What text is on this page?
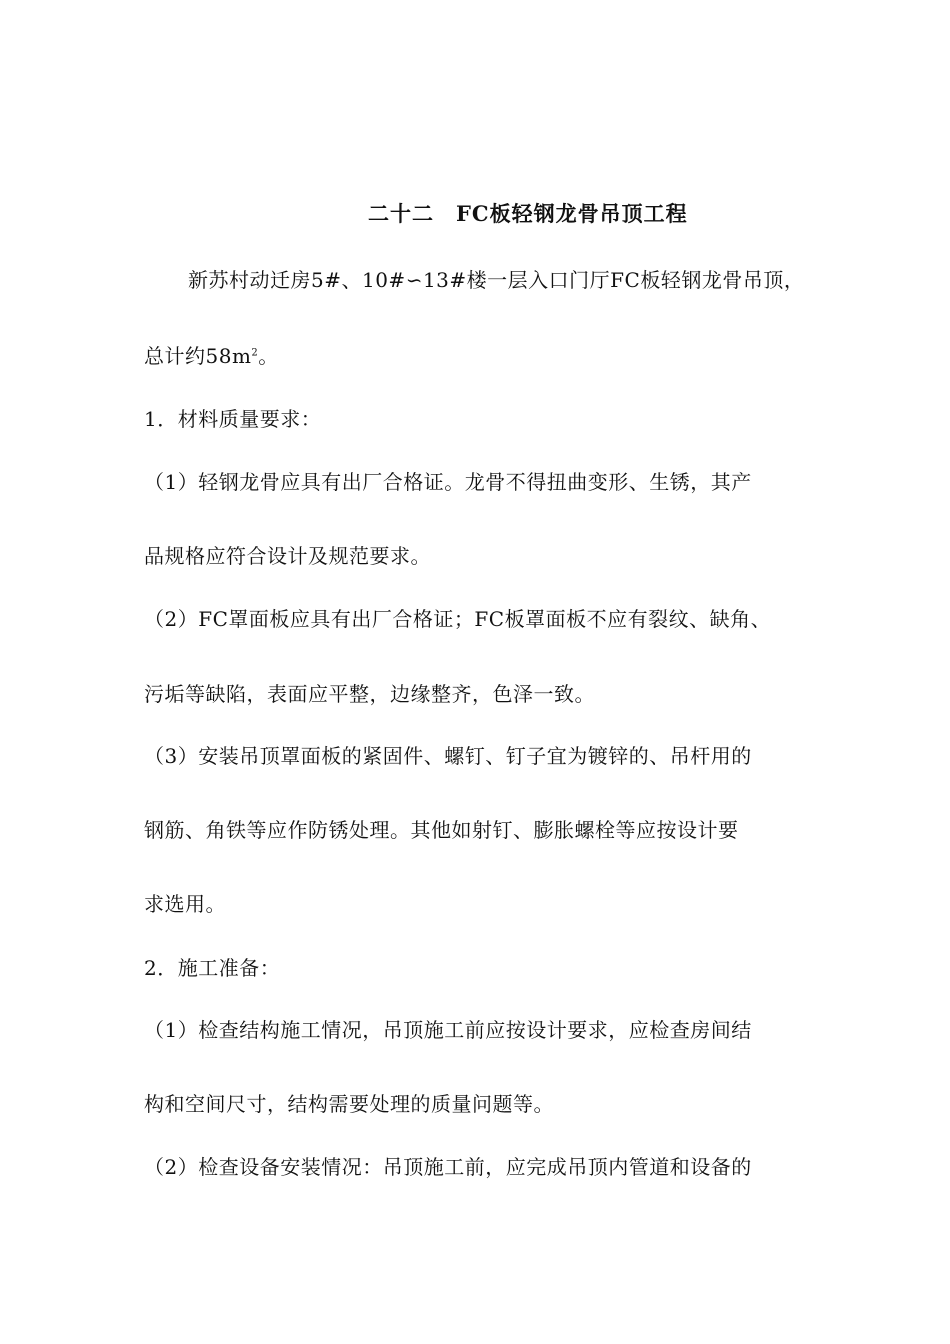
二十二　FC板轻钢龙骨吊顶工程
新苏村动迁房5#、10#∽13#楼一层入口门厅FC板轻钢龙骨吊顶，
总计约$58m^2$。
1．材料质量要求：
（1）轻钢龙骨应具有出厂合格证。龙骨不得扭曲变形、生锈，其产
品规格应符合设计及规范要求。
（2）FC罩面板应具有出厂合格证；FC板罩面板不应有裂纹、缺角、
污垢等缺陷，表面应平整，边缘整齐，色泽一致。
（3）安装吊顶罩面板的紧固件、螺钉、钉子宜为镀锌的、吊杆用的
钢筋、角铁等应作防锈处理。其他如射钉、膨胀螺栓等应按设计要
求选用。
2．施工准备：
（1）检查结构施工情况，吊顶施工前应按设计要求，应检查房间结
构和空间尺寸，结构需要处理的质量问题等。
（2）检查设备安装情况：吊顶施工前，应完成吊顶内管道和设备的
